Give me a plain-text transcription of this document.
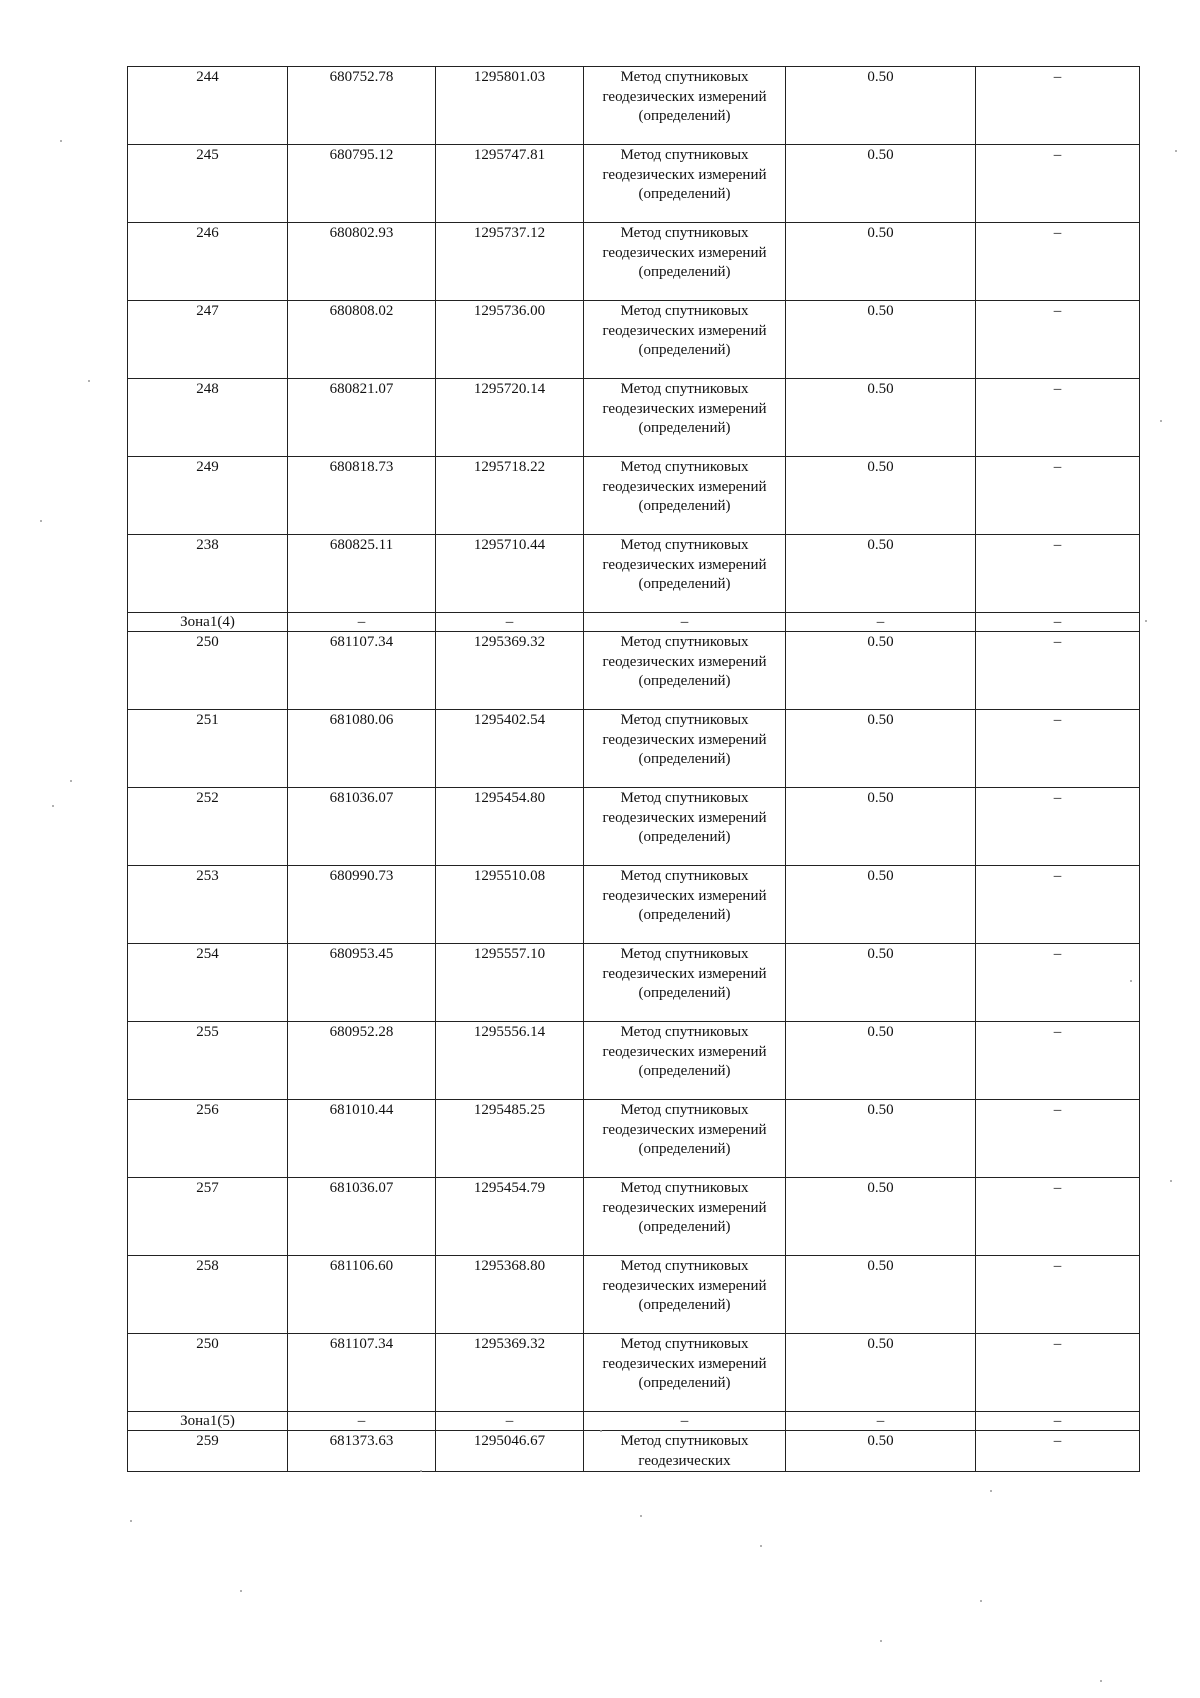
244	680752.78	1295801.03	Метод спутниковых геодезических измерений (определений)	0.50	–
245	680795.12	1295747.81	Метод спутниковых геодезических измерений (определений)	0.50	–
246	680802.93	1295737.12	Метод спутниковых геодезических измерений (определений)	0.50	–
247	680808.02	1295736.00	Метод спутниковых геодезических измерений (определений)	0.50	–
248	680821.07	1295720.14	Метод спутниковых геодезических измерений (определений)	0.50	–
249	680818.73	1295718.22	Метод спутниковых геодезических измерений (определений)	0.50	–
238	680825.11	1295710.44	Метод спутниковых геодезических измерений (определений)	0.50	–
Зона1(4)	–	–	–	–	–
250	681107.34	1295369.32	Метод спутниковых геодезических измерений (определений)	0.50	–
251	681080.06	1295402.54	Метод спутниковых геодезических измерений (определений)	0.50	–
252	681036.07	1295454.80	Метод спутниковых геодезических измерений (определений)	0.50	–
253	680990.73	1295510.08	Метод спутниковых геодезических измерений (определений)	0.50	–
254	680953.45	1295557.10	Метод спутниковых геодезических измерений (определений)	0.50	–
255	680952.28	1295556.14	Метод спутниковых геодезических измерений (определений)	0.50	–
256	681010.44	1295485.25	Метод спутниковых геодезических измерений (определений)	0.50	–
257	681036.07	1295454.79	Метод спутниковых геодезических измерений (определений)	0.50	–
258	681106.60	1295368.80	Метод спутниковых геодезических измерений (определений)	0.50	–
250	681107.34	1295369.32	Метод спутниковых геодезических измерений (определений)	0.50	–
Зона1(5)	–	–	–	–	–
259	681373.63	1295046.67	Метод спутниковых геодезических	0.50	–
